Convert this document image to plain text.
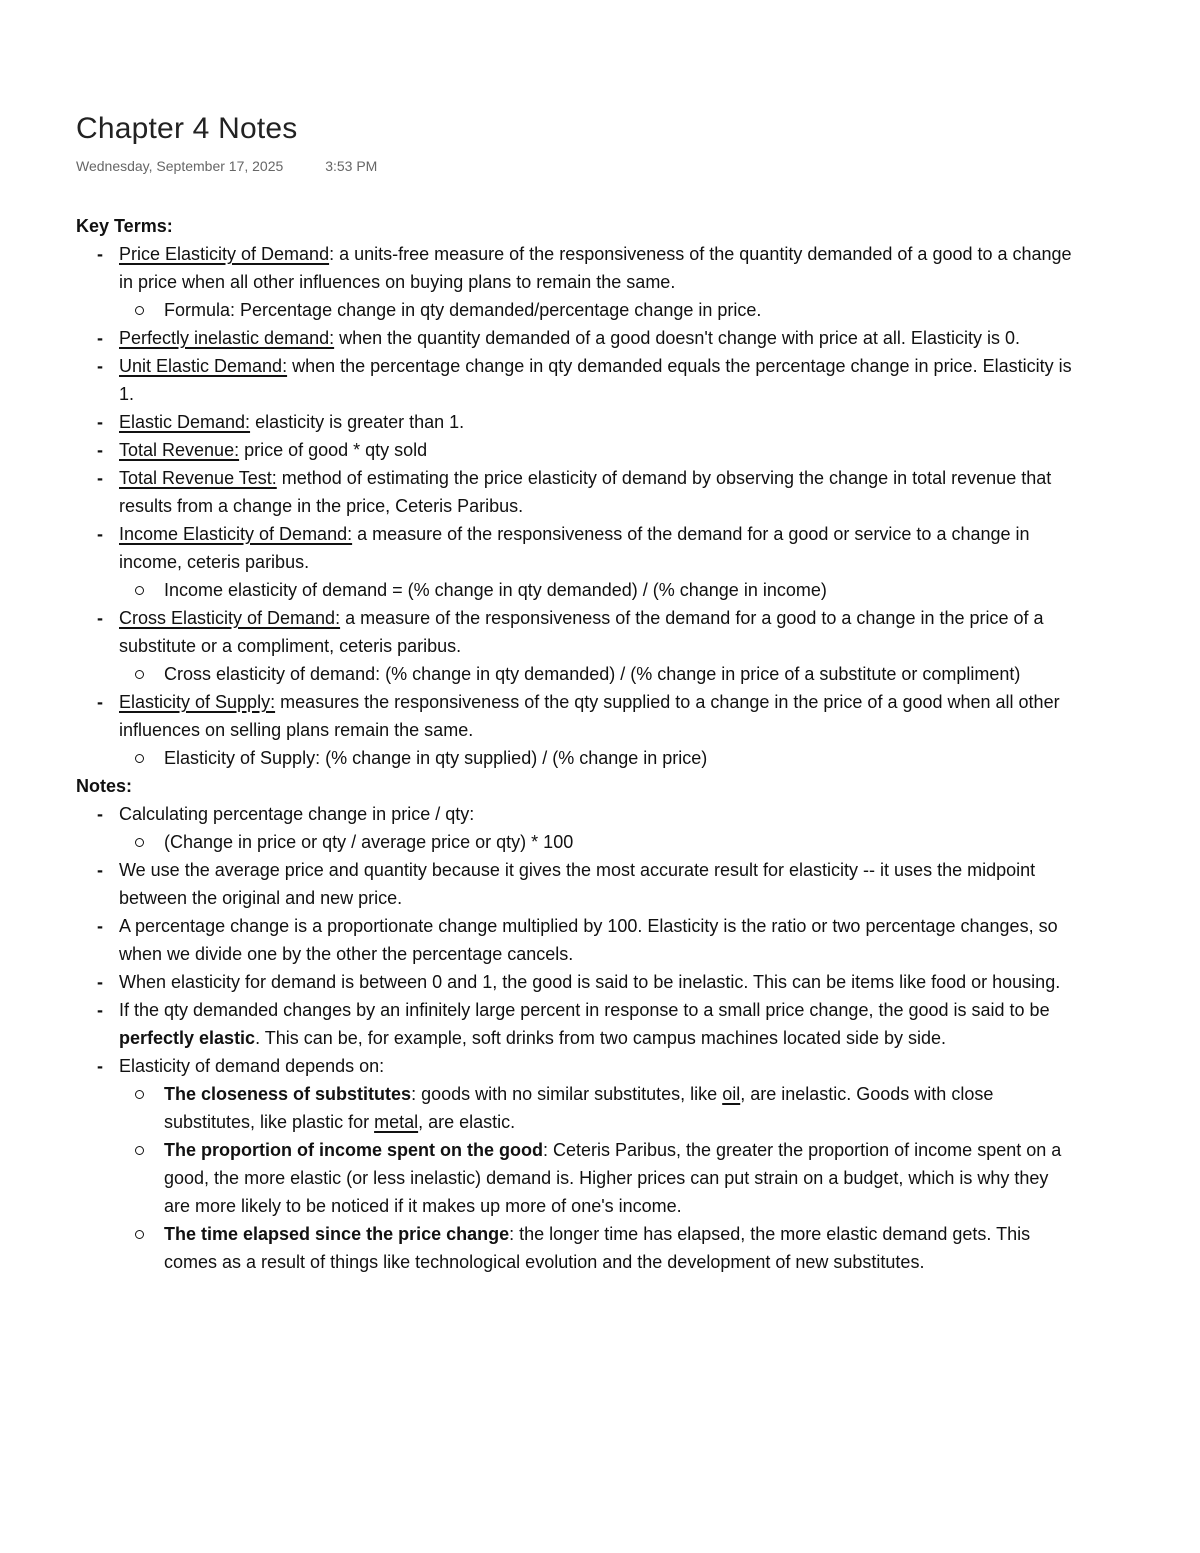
Chapter 4 Notes
Wednesday, September 17, 2025	3:53 PM
Key Terms:
- Price Elasticity of Demand: a units-free measure of the responsiveness of the quantity demanded of a good to a change in price when all other influences on buying plans to remain the same.
Formula: Percentage change in qty demanded/percentage change in price.
- Perfectly inelastic demand: when the quantity demanded of a good doesn't change with price at all. Elasticity is 0.
- Unit Elastic Demand: when the percentage change in qty demanded equals the percentage change in price. Elasticity is 1.
- Elastic Demand: elasticity is greater than 1.
- Total Revenue: price of good * qty sold
- Total Revenue Test: method of estimating the price elasticity of demand by observing the change in total revenue that results from a change in the price, Ceteris Paribus.
- Income Elasticity of Demand: a measure of the responsiveness of the demand for a good or service to a change in income, ceteris paribus.
Income elasticity of demand = (% change in qty demanded) / (% change in income)
- Cross Elasticity of Demand: a measure of the responsiveness of the demand for a good to a change in the price of a substitute or a compliment, ceteris paribus.
Cross elasticity of demand: (% change in qty demanded) / (% change in price of a substitute or compliment)
- Elasticity of Supply: measures the responsiveness of the qty supplied to a change in the price of a good when all other influences on selling plans remain the same.
Elasticity of Supply: (% change in qty supplied) / (% change in price)
Notes:
- Calculating percentage change in price / qty:
(Change in price or qty / average price or qty) * 100
- We use the average price and quantity because it gives the most accurate result for elasticity -- it uses the midpoint between the original and new price.
- A percentage change is a proportionate change multiplied by 100. Elasticity is the ratio or two percentage changes, so when we divide one by the other the percentage cancels.
- When elasticity for demand is between 0 and 1, the good is said to be inelastic. This can be items like food or housing.
- If the qty demanded changes by an infinitely large percent in response to a small price change, the good is said to be perfectly elastic. This can be, for example, soft drinks from two campus machines located side by side.
- Elasticity of demand depends on:
The closeness of substitutes: goods with no similar substitutes, like oil, are inelastic. Goods with close substitutes, like plastic for metal, are elastic.
The proportion of income spent on the good: Ceteris Paribus, the greater the proportion of income spent on a good, the more elastic (or less inelastic) demand is. Higher prices can put strain on a budget, which is why they are more likely to be noticed if it makes up more of one's income.
The time elapsed since the price change: the longer time has elapsed, the more elastic demand gets. This comes as a result of things like technological evolution and the development of new substitutes.
